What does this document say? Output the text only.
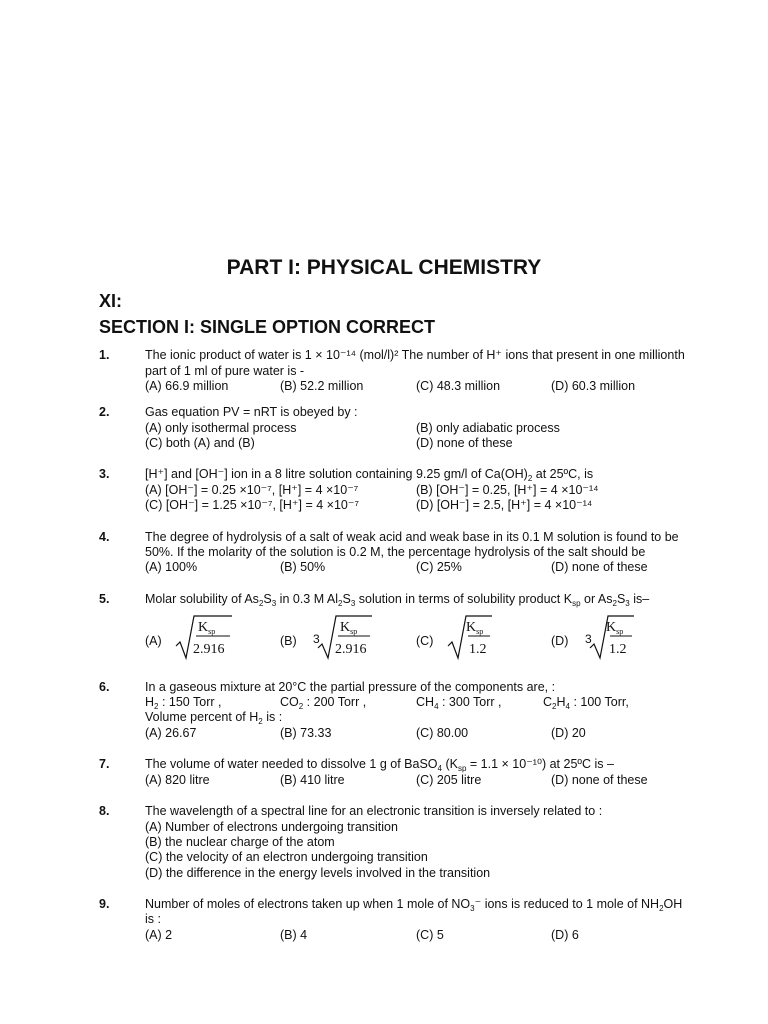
PART I: PHYSICAL CHEMISTRY
XI:
SECTION I: SINGLE OPTION CORRECT
1.	The ionic product of water is 1 × 10⁻¹⁴ (mol/l)² The number of H⁺ ions that present in one millionth
part of 1 ml of pure water is -
(A) 66.9 million	(B) 52.2 million	(C) 48.3 million	(D) 60.3 million
2.	Gas equation PV = nRT is obeyed by :
(A) only isothermal process	(B) only adiabatic process
(C) both (A) and (B)	(D) none of these
3.	[H⁺] and [OH⁻] ion in a 8 litre solution containing 9.25 gm/l of $Ca(OH)_2$ at 25ºC, is
(A) [OH⁻] = 0.25 ×10⁻⁷, [H⁺] = 4 ×10⁻⁷	(B) [OH⁻] = 0.25, [H⁺] = 4 ×10⁻¹⁴
(C) [OH⁻] = 1.25 ×10⁻⁷, [H⁺] = 4 ×10⁻⁷	(D) [OH⁻] = 2.5, [H⁺] = 4 ×10⁻¹⁴
4.	The degree of hydrolysis of a salt of weak acid and weak base in its 0.1 M solution is found to be
50%. If the molarity of the solution is 0.2 M, the percentage hydrolysis of the salt should be
(A) 100%	(B) 50%	(C) 25%	(D) none of these
5.	Molar solubility of $As_2S_3$ in 0.3 M $Al_2S_3$ solution in terms of solubility product $K_{sp}$ or $As_2S_3$ is–
(A)
$K_{sp}$
2.916
(B) 3
$K_{sp}$
2.916
(C)
$K_{sp}$
1.2
(D) 3
$K_{sp}$
1.2
6.	In a gaseous mixture at 20°C the partial pressure of the components are, :
$H_2$ : 150 Torr ,	$CO_2$ : 200 Torr ,	$CH_4$ : 300 Torr ,	$C_2H_4$ : 100 Torr,
Volume percent of $H_2$ is :
(A) 26.67	(B) 73.33	(C) 80.00	(D) 20
7.	The volume of water needed to dissolve 1 g of BaSO$_4$ $(K_{sp} = 1.1 \times 10^{-10})$ at 25ºC is –
(A) 820 litre	(B) 410 litre	(C) 205 litre	(D) none of these
8.	The wavelength of a spectral line for an electronic transition is inversely related to :
(A) Number of electrons undergoing transition
(B) the nuclear charge of the atom
(C) the velocity of an electron undergoing transition
(D) the difference in the energy levels involved in the transition
9.	Number of moles of electrons taken up when 1 mole of $NO_3^-$ ions is reduced to 1 mole of $NH_2OH$
is :
(A) 2	(B) 4	(C) 5	(D) 6
